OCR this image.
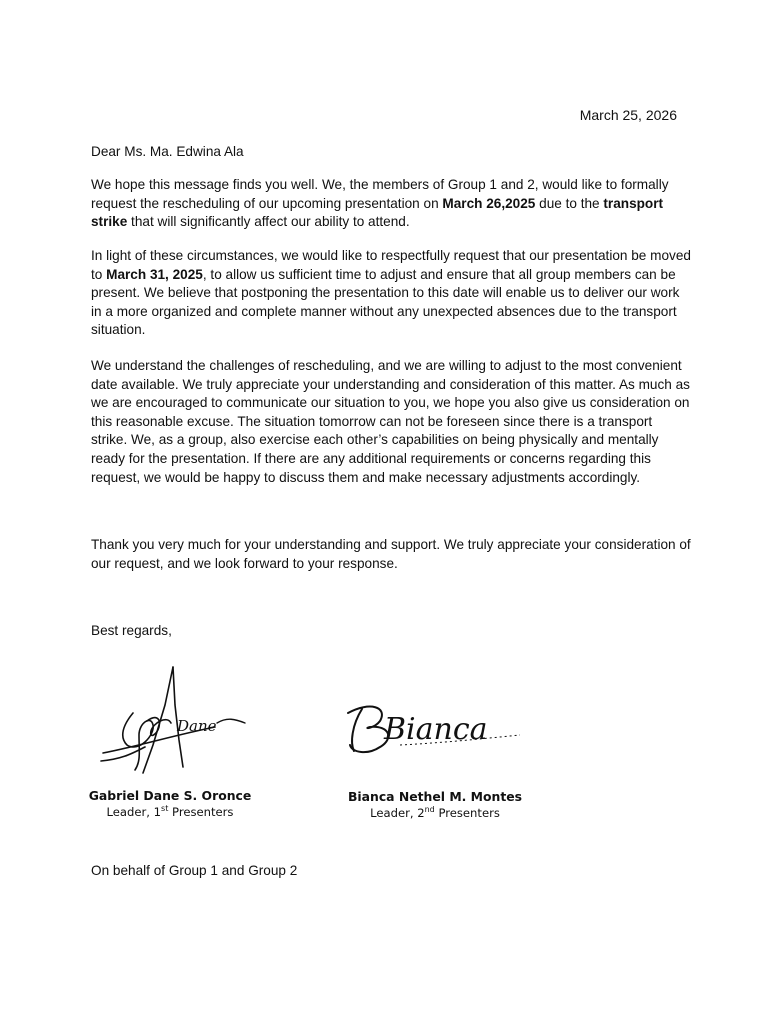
March 25, 2026

Dear Ms. Ma. Edwina Ala

We hope this message finds you well. We, the members of Group 1 and 2, would like to formally request the rescheduling of our upcoming presentation on March 26,2025 due to the transport strike that will significantly affect our ability to attend.

In light of these circumstances, we would like to respectfully request that our presentation be moved to March 31, 2025, to allow us sufficient time to adjust and ensure that all group members can be present. We believe that postponing the presentation to this date will enable us to deliver our work in a more organized and complete manner without any unexpected absences due to the transport situation.

We understand the challenges of rescheduling, and we are willing to adjust to the most convenient date available. We truly appreciate your understanding and consideration of this matter. As much as we are encouraged to communicate our situation to you, we hope you also give us consideration on this reasonable excuse. The situation tomorrow can not be foreseen since there is a transport strike. We, as a group, also exercise each other’s capabilities on being physically and mentally ready for the presentation. If there are any additional requirements or concerns regarding this request, we would be happy to discuss them and make necessary adjustments accordingly.

Thank you very much for your understanding and support. We truly appreciate your consideration of our request, and we look forward to your response.

Best regards,

Dane	Bianca
Gabriel Dane S. Oronce
Leader, 1st Presenters
Bianca Nethel M. Montes
Leader, 2nd Presenters

On behalf of Group 1 and Group 2
